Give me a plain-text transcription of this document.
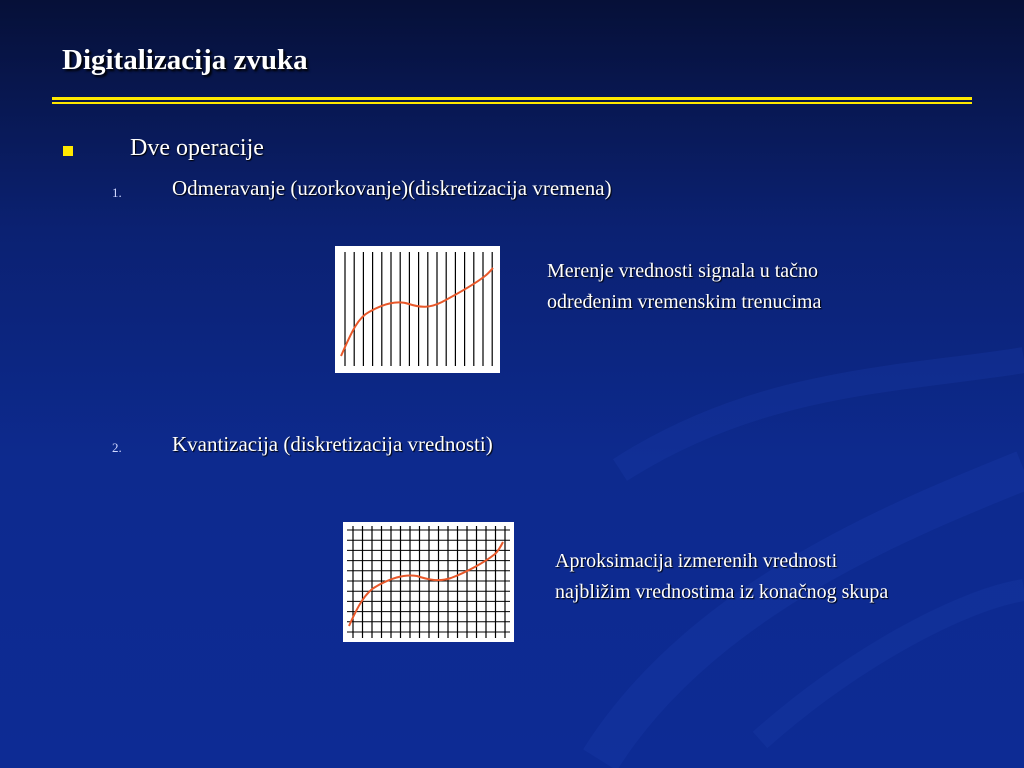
Digitalizacija zvuka
Dve operacije
1. Odmeravanje (uzorkovanje)(diskretizacija vremena)
Merenje vrednosti signala u tačno
određenim vremenskim trenucima
2. Kvantizacija (diskretizacija vrednosti)
Aproksimacija izmerenih vrednosti
najbližim vrednostima iz konačnog skupa
